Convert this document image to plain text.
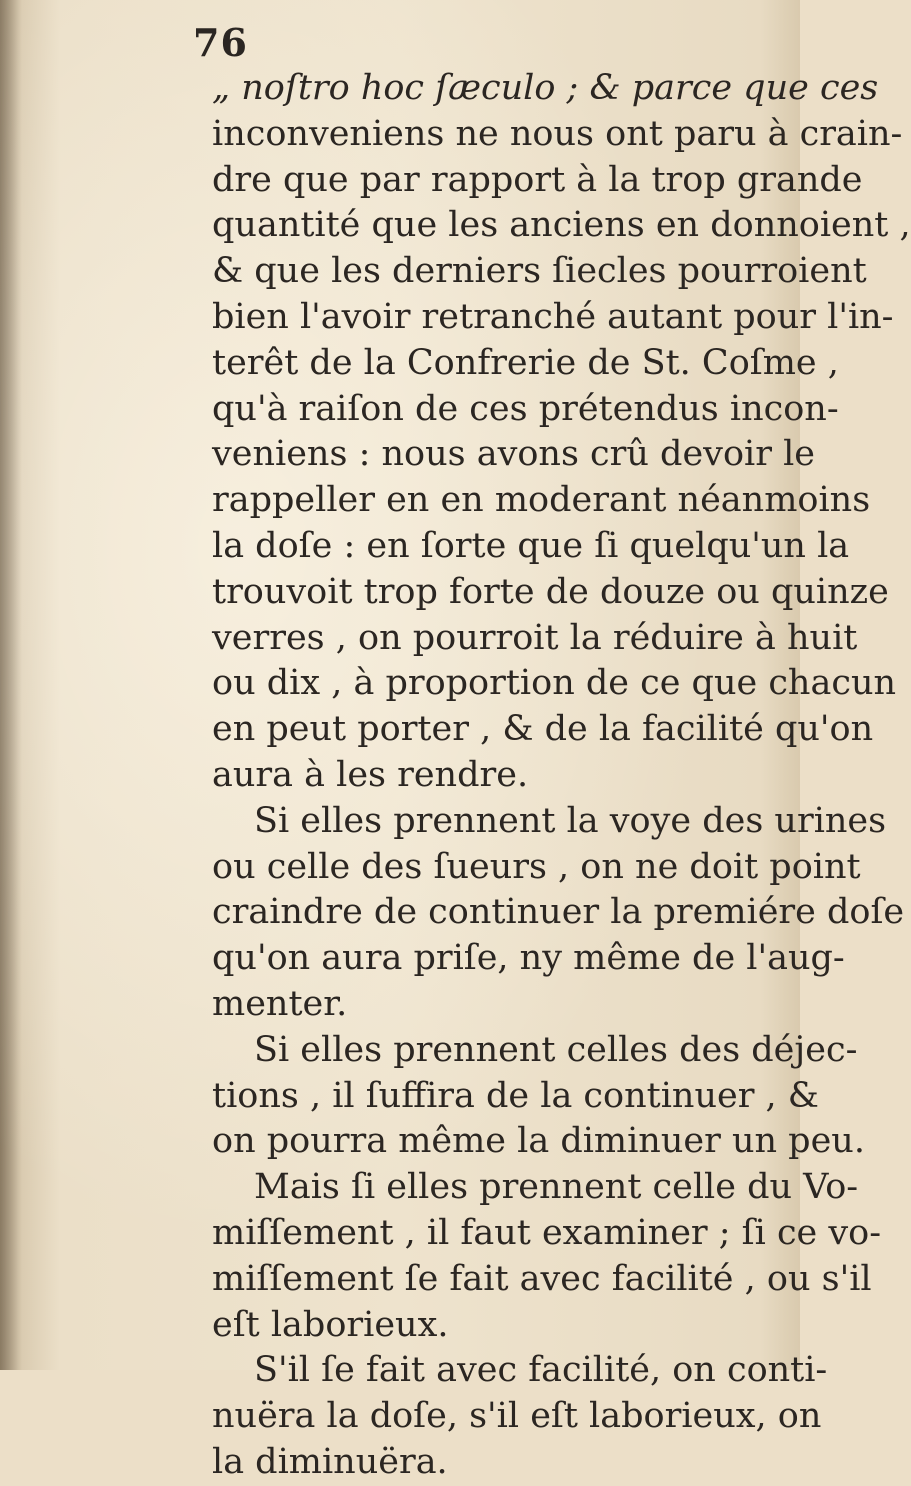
76
„ noſtro hoc ſæculo ; & parce que ces
inconveniens ne nous ont paru à crain-
dre que par rapport à la trop grande
quantité que les anciens en donnoient ,
& que les derniers ſiecles pourroient
bien l'avoir retranché autant pour l'in-
terêt de la Confrerie de St. Coſme ,
qu'à raiſon de ces prétendus incon-
veniens : nous avons crû devoir le
rappeller en en moderant néanmoins
la doſe : en ſorte que ſi quelqu'un la
trouvoit trop forte de douze ou quinze
verres , on pourroit la réduire à huit
ou dix , à proportion de ce que chacun
en peut porter , & de la facilité qu'on
aura à les rendre.
Si elles prennent la voye des urines
ou celle des ſueurs , on ne doit point
craindre de continuer la premiére doſe
qu'on aura priſe, ny même de l'aug-
menter.
Si elles prennent celles des déjec-
tions , il ſuffira de la continuer , &
on pourra même la diminuer un peu.
Mais ſi elles prennent celle du Vo-
miſſement , il faut examiner ; ſi ce vo-
miſſement ſe fait avec facilité , ou s'il
eſt laborieux.
S'il ſe fait avec facilité, on conti-
nuëra la doſe, s'il eſt laborieux, on
la diminuëra.
